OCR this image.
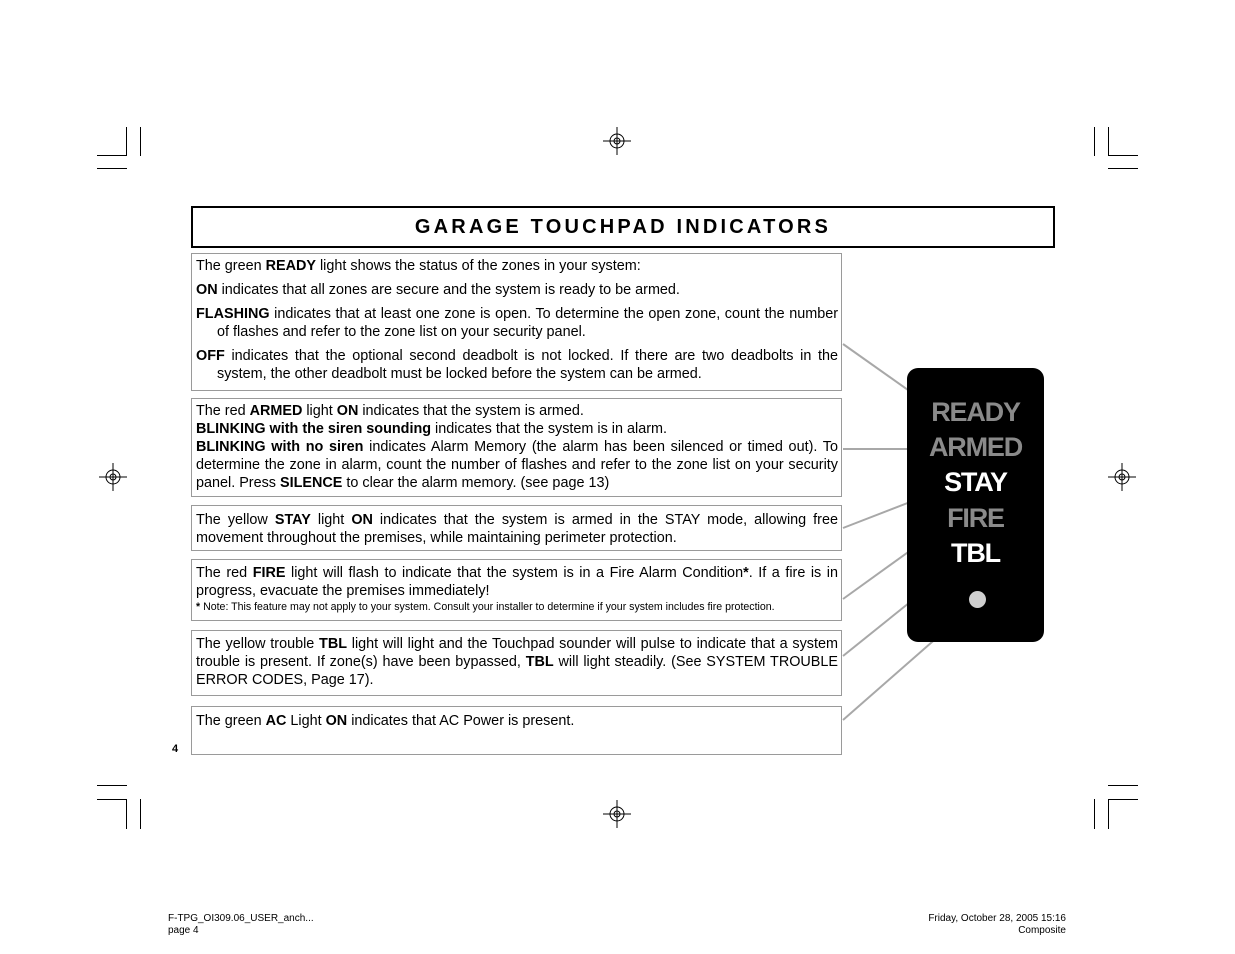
GARAGE TOUCHPAD INDICATORS

The green READY light shows the status of the zones in your system:

ON indicates that all zones are secure and the system is ready to be armed.

FLASHING indicates that at least one zone is open. To determine the open zone, count the number of flashes and refer to the zone list on your security panel.

OFF indicates that the optional second deadbolt is not locked. If there are two deadbolts in the system, the other deadbolt must be locked before the system can be armed.

The red ARMED light ON indicates that the system is armed.

BLINKING with the siren sounding indicates that the system is in alarm.

BLINKING with no siren indicates Alarm Memory (the alarm has been silenced or timed out). To determine the zone in alarm, count the number of flashes and refer to the zone list on your security panel. Press SILENCE to clear the alarm memory. (see page 13)

The yellow STAY light ON indicates that the system is armed in the STAY mode, allowing free movement throughout the premises, while maintaining perimeter protection.

The red FIRE light will flash to indicate that the system is in a Fire Alarm Condition*. If a fire is in progress, evacuate the premises immediately!

* Note: This feature may not apply to your system. Consult your installer to determine if your system includes fire protection.

The yellow trouble TBL light will light and the Touchpad sounder will pulse to indicate that a system trouble is present. If zone(s) have been bypassed, TBL will light steadily. (See SYSTEM TROUBLE ERROR CODES, Page 17).

The green AC Light ON indicates that AC Power is present.

READY
ARMED
STAY
FIRE
TBL
4
F-TPG_OI309.06_USER_anch...
page 4
Friday, October 28, 2005 15:16
Composite
